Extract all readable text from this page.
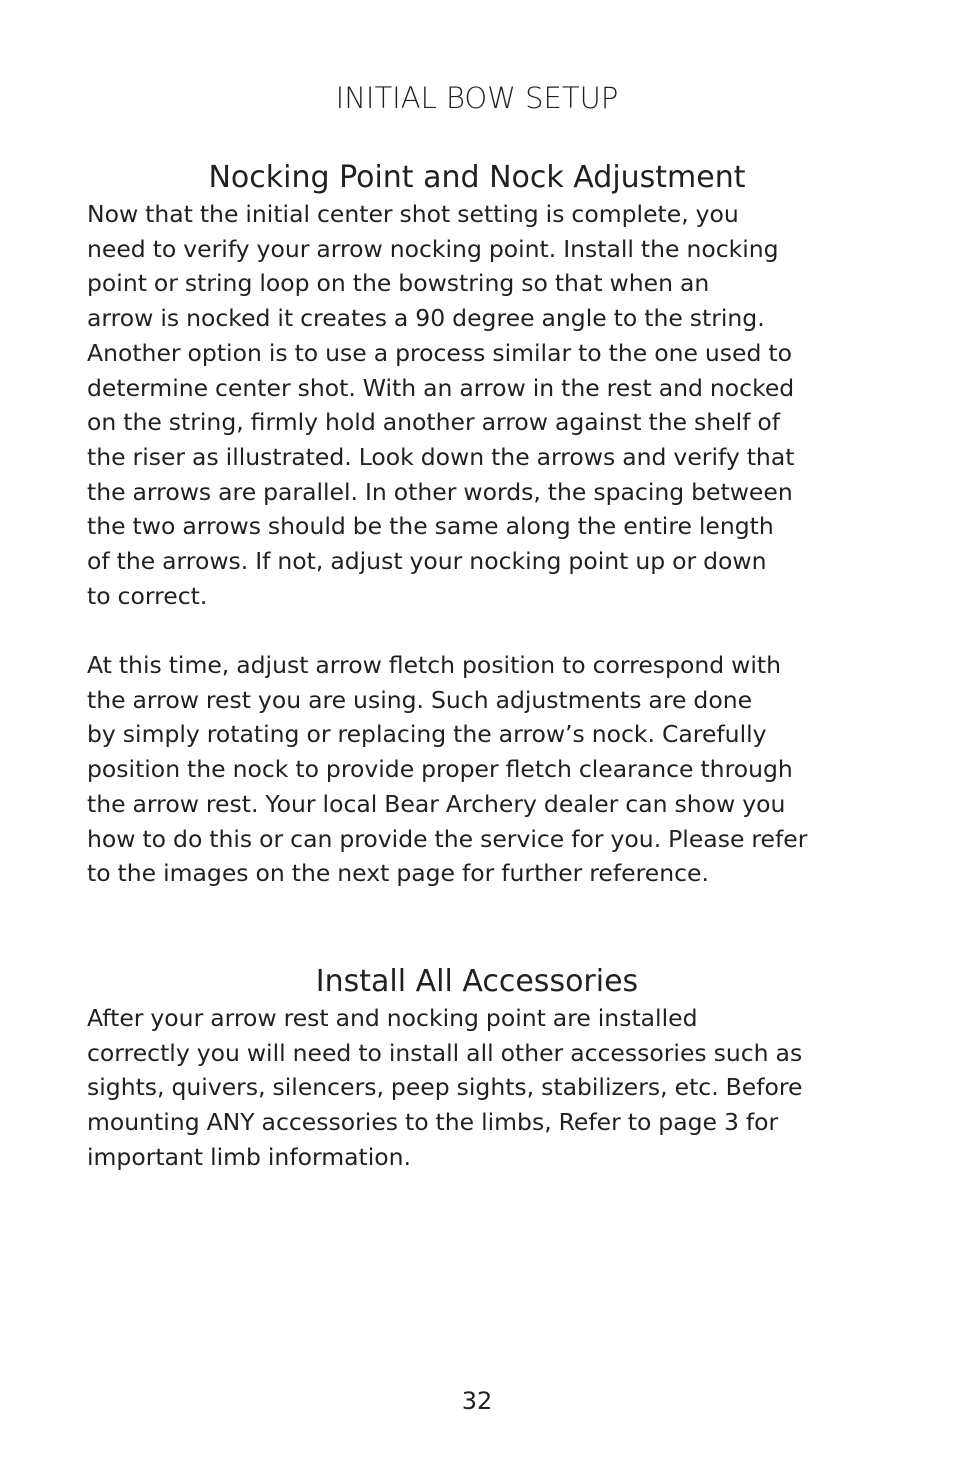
INITIAL BOW SETUP
Nocking Point and Nock Adjustment

Now that the initial center shot setting is complete, you
need to verify your arrow nocking point. Install the nocking
point or string loop on the bowstring so that when an
arrow is nocked it creates a 90 degree angle to the string.
Another option is to use a process similar to the one used to
determine center shot. With an arrow in the rest and nocked
on the string, firmly hold another arrow against the shelf of
the riser as illustrated. Look down the arrows and verify that
the arrows are parallel. In other words, the spacing between
the two arrows should be the same along the entire length
of the arrows. If not, adjust your nocking point up or down
to correct.

At this time, adjust arrow fletch position to correspond with
the arrow rest you are using. Such adjustments are done
by simply rotating or replacing the arrow’s nock. Carefully
position the nock to provide proper fletch clearance through
the arrow rest. Your local Bear Archery dealer can show you
how to do this or can provide the service for you. Please refer
to the images on the next page for further reference.

Install All Accessories

After your arrow rest and nocking point are installed
correctly you will need to install all other accessories such as
sights, quivers, silencers, peep sights, stabilizers, etc. Before
mounting ANY accessories to the limbs, Refer to page 3 for
important limb information.

32
